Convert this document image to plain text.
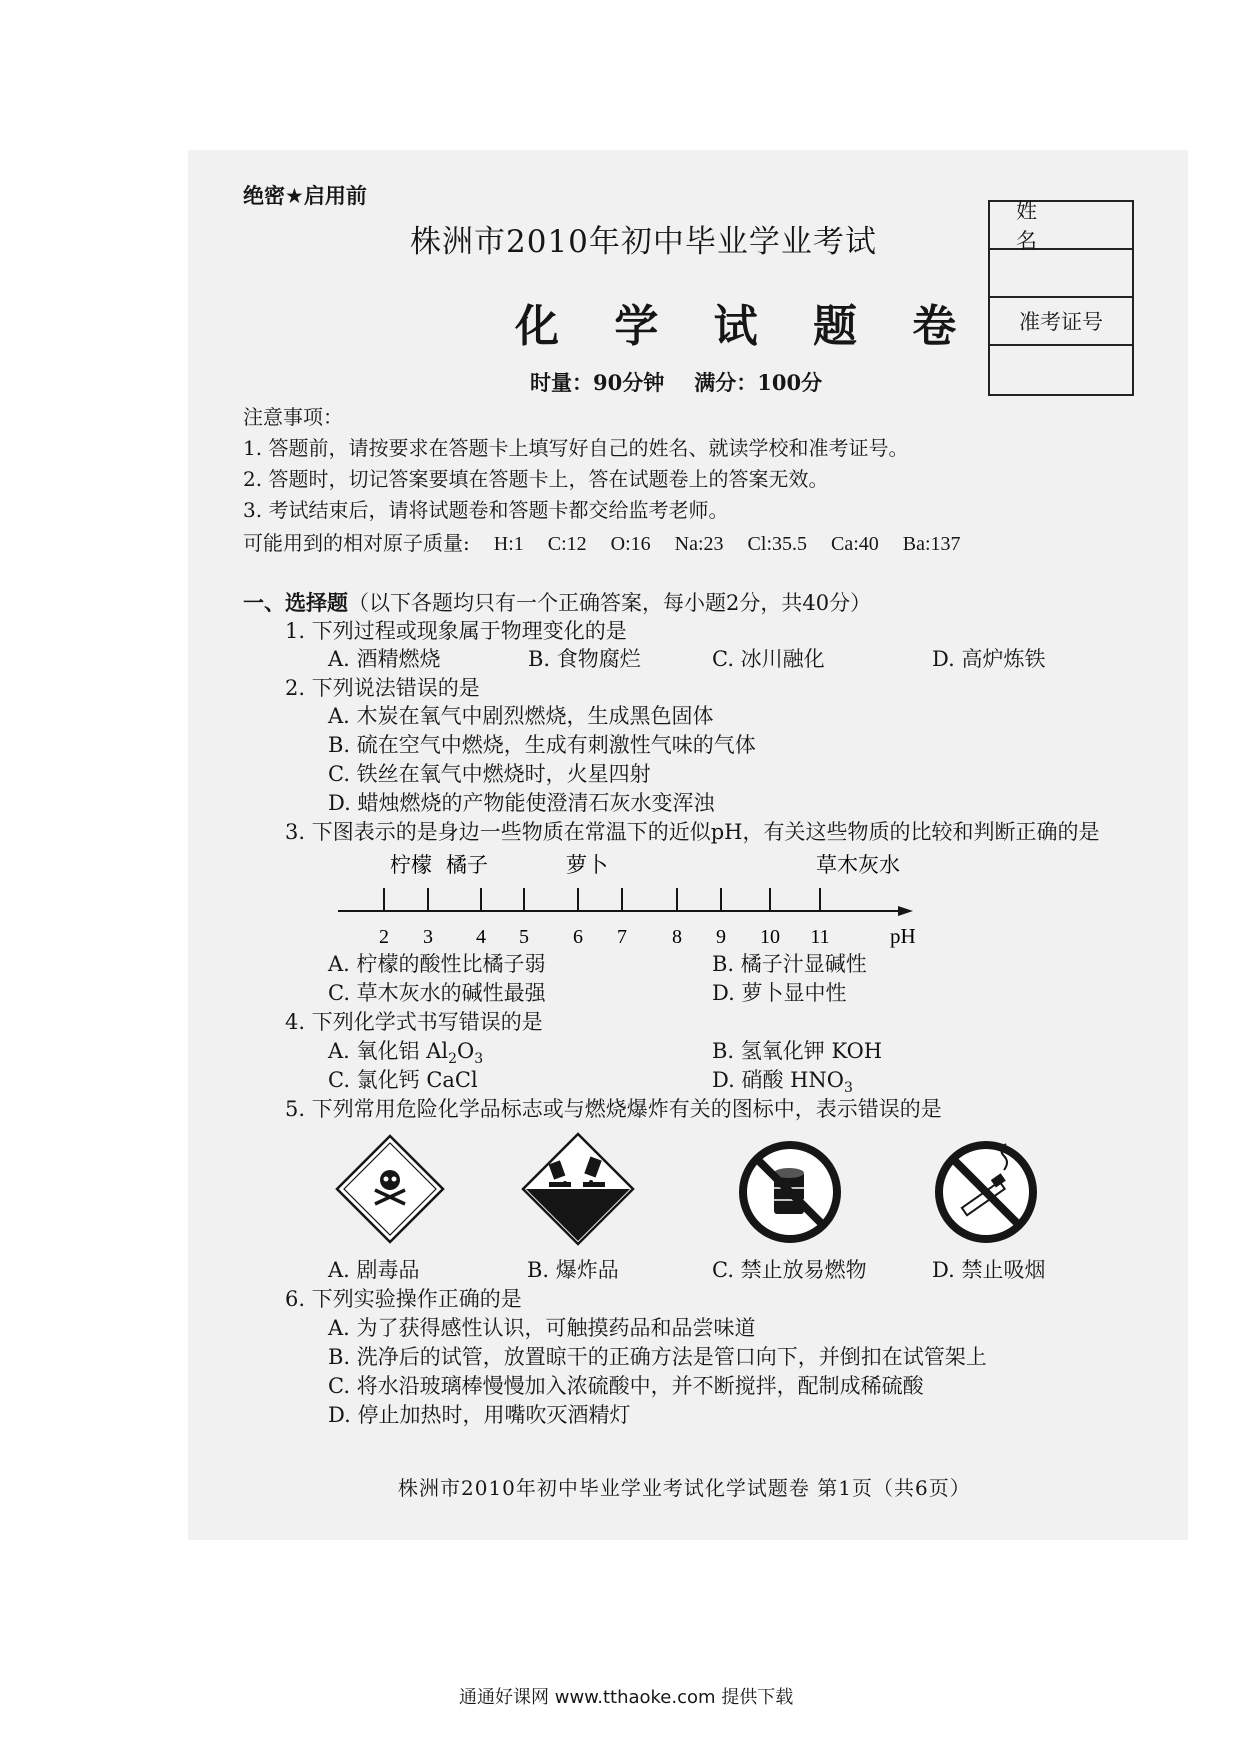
绝密★启用前
株洲市2010年初中毕业学业考试
化 学 试 题 卷
时量：90分钟 满分：100分
姓 名
准考证号
注意事项：
1. 答题前，请按要求在答题卡上填写好自己的姓名、就读学校和准考证号。
2. 答题时，切记答案要填在答题卡上，答在试题卷上的答案无效。
3. 考试结束后，请将试题卷和答题卡都交给监考老师。
可能用到的相对原子质量: H:1 C:12 O:16 Na:23 Cl:35.5 Ca:40 Ba:137
一、选择题（以下各题均只有一个正确答案，每小题2分，共40分）
1. 下列过程或现象属于物理变化的是
A. 酒精燃烧	B. 食物腐烂	C. 冰川融化	D. 高炉炼铁
2. 下列说法错误的是
A. 木炭在氧气中剧烈燃烧，生成黑色固体
B. 硫在空气中燃烧，生成有刺激性气味的气体
C. 铁丝在氧气中燃烧时，火星四射
D. 蜡烛燃烧的产物能使澄清石灰水变浑浊
3. 下图表示的是身边一些物质在常温下的近似pH，有关这些物质的比较和判断正确的是
柠檬 橘子	萝卜	草木灰水
2 3 4 5 6 7 8 9 10 11	pH
A. 柠檬的酸性比橘子弱	B. 橘子汁显碱性
C. 草木灰水的碱性最强	D. 萝卜显中性
4. 下列化学式书写错误的是
A. 氧化铝 $Al_2O_3$	B. 氢氧化钾 KOH
C. 氯化钙 CaCl	D. 硝酸 $HNO_3$
5. 下列常用危险化学品标志或与燃烧爆炸有关的图标中，表示错误的是
A. 剧毒品	B. 爆炸品	C. 禁止放易燃物	D. 禁止吸烟
6. 下列实验操作正确的是
A. 为了获得感性认识，可触摸药品和品尝味道
B. 洗净后的试管，放置晾干的正确方法是管口向下，并倒扣在试管架上
C. 将水沿玻璃棒慢慢加入浓硫酸中，并不断搅拌，配制成稀硫酸
D. 停止加热时，用嘴吹灭酒精灯
株洲市2010年初中毕业学业考试化学试题卷 第1页（共6页）
通通好课网 www.tthaoke.com 提供下载
